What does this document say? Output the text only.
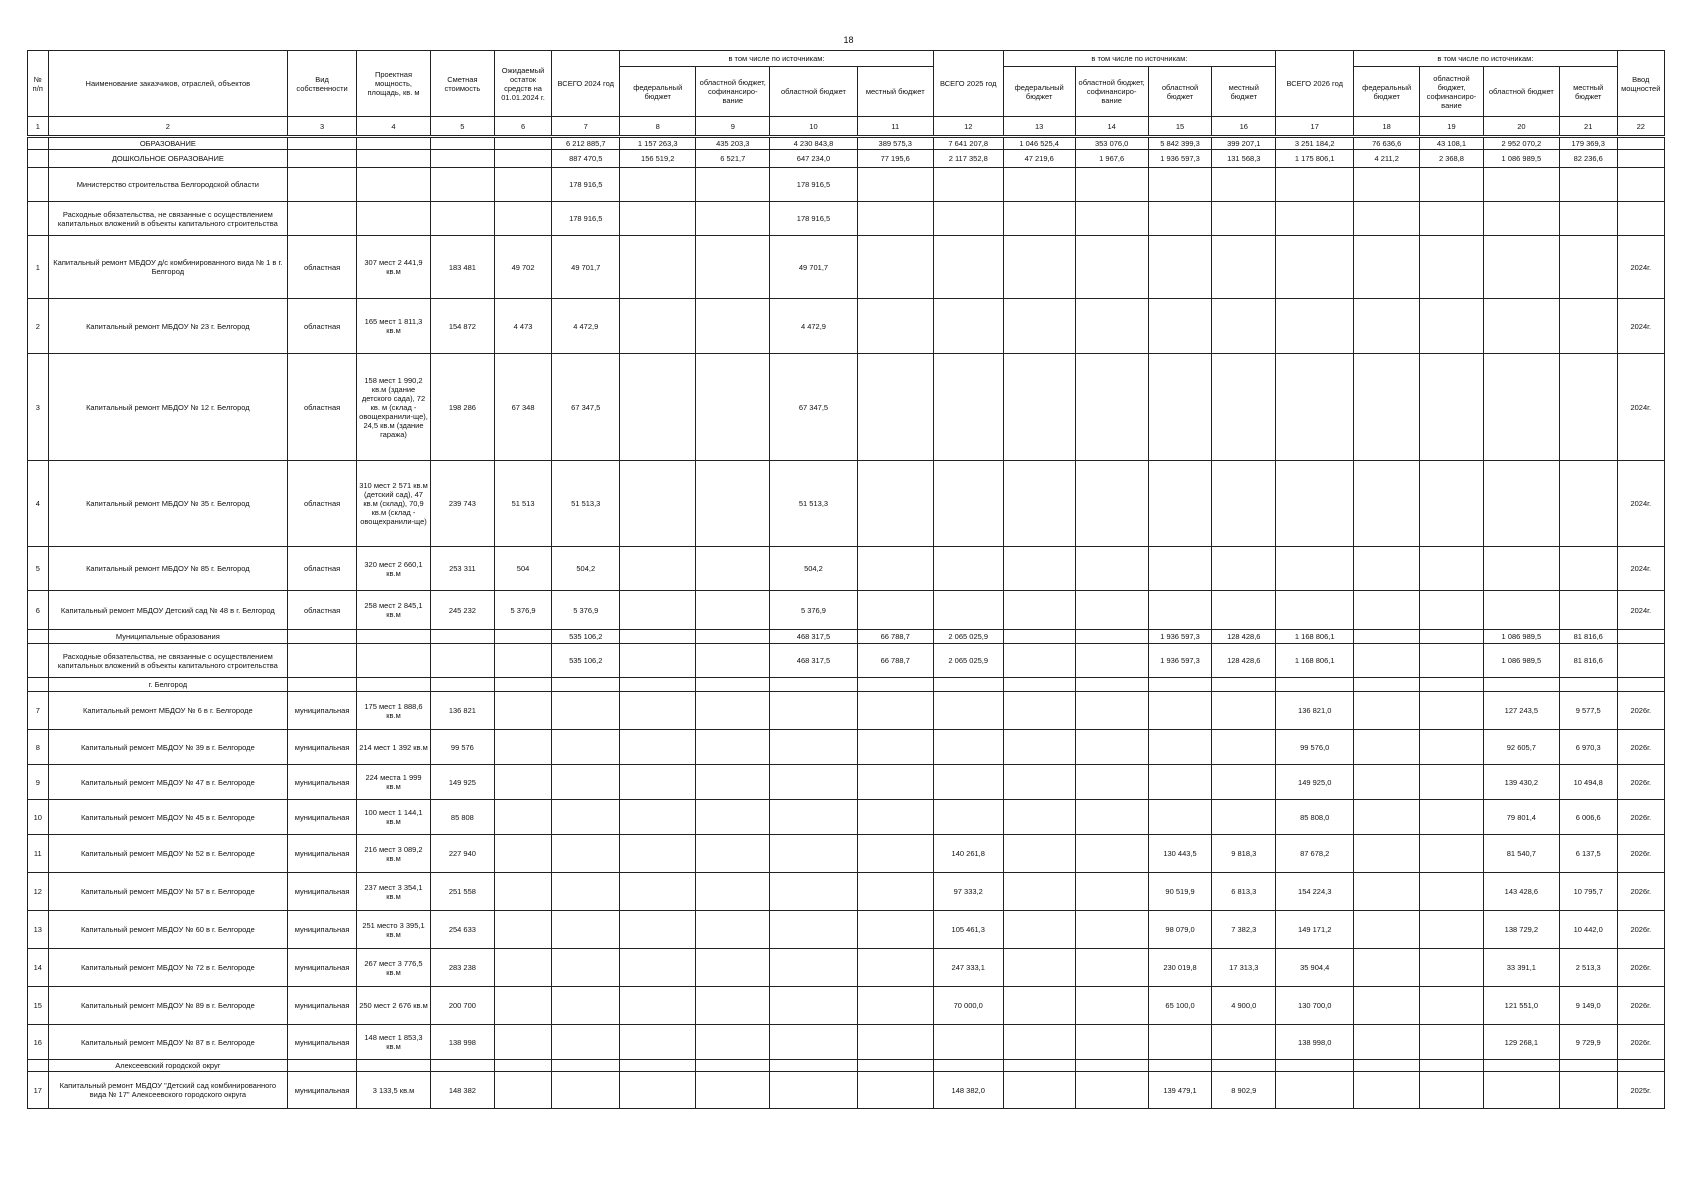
18
№ п/п	Наименование заказчиков, отраслей, объектов	Вид собственности	Проектная мощность, площадь, кв. м	Сметная стоимость	Ожидаемый остаток средств на 01.01.2024 г.	ВСЕГО 2024 год	в том числе по источникам:				ВСЕГО 2025 год	в том числе по источникам:				ВСЕГО 2026 год	в том числе по источникам:				Ввод мощностей
							федеральный бюджет	областной бюджет, софинансиро-вание	областной бюджет	местный бюджет		федеральный бюджет	областной бюджет, софинансиро-вание	областной бюджет	местный бюджет		федеральный бюджет	областной бюджет, софинансиро-вание	областной бюджет	местный бюджет	
1	2	3	4	5	6	7	8	9	10	11	12	13	14	15	16	17	18	19	20	21	22
	ОБРАЗОВАНИЕ					6 212 885,7	1 157 263,3	435 203,3	4 230 843,8	389 575,3	7 641 207,8	1 046 525,4	353 076,0	5 842 399,3	399 207,1	3 251 184,2	76 636,6	43 108,1	2 952 070,2	179 369,3	
	ДОШКОЛЬНОЕ ОБРАЗОВАНИЕ					887 470,5	156 519,2	6 521,7	647 234,0	77 195,6	2 117 352,8	47 219,6	1 967,6	1 936 597,3	131 568,3	1 175 806,1	4 211,2	2 368,8	1 086 989,5	82 236,6	
	Министерство строительства Белгородской области					178 916,5			178 916,5												
	Расходные обязательства, не связанные с осуществлением капитальных вложений в объекты капитального строительства					178 916,5			178 916,5												
1	Капитальный ремонт МБДОУ д/с комбинированного вида № 1 в г. Белгород	областная	307 мест 2 441,9 кв.м	183 481	49 702	49 701,7			49 701,7												2024г.
2	Капитальный ремонт МБДОУ № 23 г. Белгород	областная	165 мест 1 811,3 кв.м	154 872	4 473	4 472,9			4 472,9												2024г.
3	Капитальный ремонт МБДОУ № 12 г. Белгород	областная	158 мест 1 990,2 кв.м (здание детского сада), 72 кв. м (склад - овощехранили-ще), 24,5 кв.м (здание гаража)	198 286	67 348	67 347,5			67 347,5												2024г.
4	Капитальный ремонт МБДОУ № 35 г. Белгород	областная	310 мест 2 571 кв.м (детский сад), 47 кв.м (склад), 70,9 кв.м (склад - овощехранили-ще)	239 743	51 513	51 513,3			51 513,3												2024г.
5	Капитальный ремонт МБДОУ № 85 г. Белгород	областная	320 мест 2 660,1 кв.м	253 311	504	504,2			504,2												2024г.
6	Капитальный ремонт МБДОУ Детский сад № 48 в г. Белгород	областная	258 мест 2 845,1 кв.м	245 232	5 376,9	5 376,9			5 376,9												2024г.
	Муниципальные образования					535 106,2			468 317,5	66 788,7	2 065 025,9			1 936 597,3	128 428,6	1 168 806,1			1 086 989,5	81 816,6	
	Расходные обязательства, не связанные с осуществлением капитальных вложений в объекты капитального строительства					535 106,2			468 317,5	66 788,7	2 065 025,9			1 936 597,3	128 428,6	1 168 806,1			1 086 989,5	81 816,6	
	г. Белгород																				
7	Капитальный ремонт МБДОУ № 6 в г. Белгороде	муниципальная	175 мест 1 888,6 кв.м	136 821												136 821,0			127 243,5	9 577,5	2026г.
8	Капитальный ремонт МБДОУ № 39 в г. Белгороде	муниципальная	214 мест 1 392 кв.м	99 576												99 576,0			92 605,7	6 970,3	2026г.
9	Капитальный ремонт МБДОУ № 47 в г. Белгороде	муниципальная	224 места 1 999 кв.м	149 925												149 925,0			139 430,2	10 494,8	2026г.
10	Капитальный ремонт МБДОУ № 45 в г. Белгороде	муниципальная	100 мест 1 144,1 кв.м	85 808												85 808,0			79 801,4	6 006,6	2026г.
11	Капитальный ремонт МБДОУ № 52 в г. Белгороде	муниципальная	216 мест 3 089,2 кв.м	227 940							140 261,8			130 443,5	9 818,3	87 678,2			81 540,7	6 137,5	2026г.
12	Капитальный ремонт МБДОУ № 57 в г. Белгороде	муниципальная	237 мест 3 354,1 кв.м	251 558							97 333,2			90 519,9	6 813,3	154 224,3			143 428,6	10 795,7	2026г.
13	Капитальный ремонт МБДОУ № 60 в г. Белгороде	муниципальная	251 место 3 395,1 кв.м	254 633							105 461,3			98 079,0	7 382,3	149 171,2			138 729,2	10 442,0	2026г.
14	Капитальный ремонт МБДОУ № 72 в г. Белгороде	муниципальная	267 мест 3 776,5 кв.м	283 238							247 333,1			230 019,8	17 313,3	35 904,4			33 391,1	2 513,3	2026г.
15	Капитальный ремонт МБДОУ № 89 в г. Белгороде	муниципальная	250 мест 2 676 кв.м	200 700							70 000,0			65 100,0	4 900,0	130 700,0			121 551,0	9 149,0	2026г.
16	Капитальный ремонт МБДОУ № 87 в г. Белгороде	муниципальная	148 мест 1 853,3 кв.м	138 998												138 998,0			129 268,1	9 729,9	2026г.
	Алексеевский городской округ																				
17	Капитальный ремонт МБДОУ "Детский сад комбинированного вида № 17" Алексеевского городского округа	муниципальная	3 133,5 кв.м	148 382							148 382,0			139 479,1	8 902,9						2025г.
